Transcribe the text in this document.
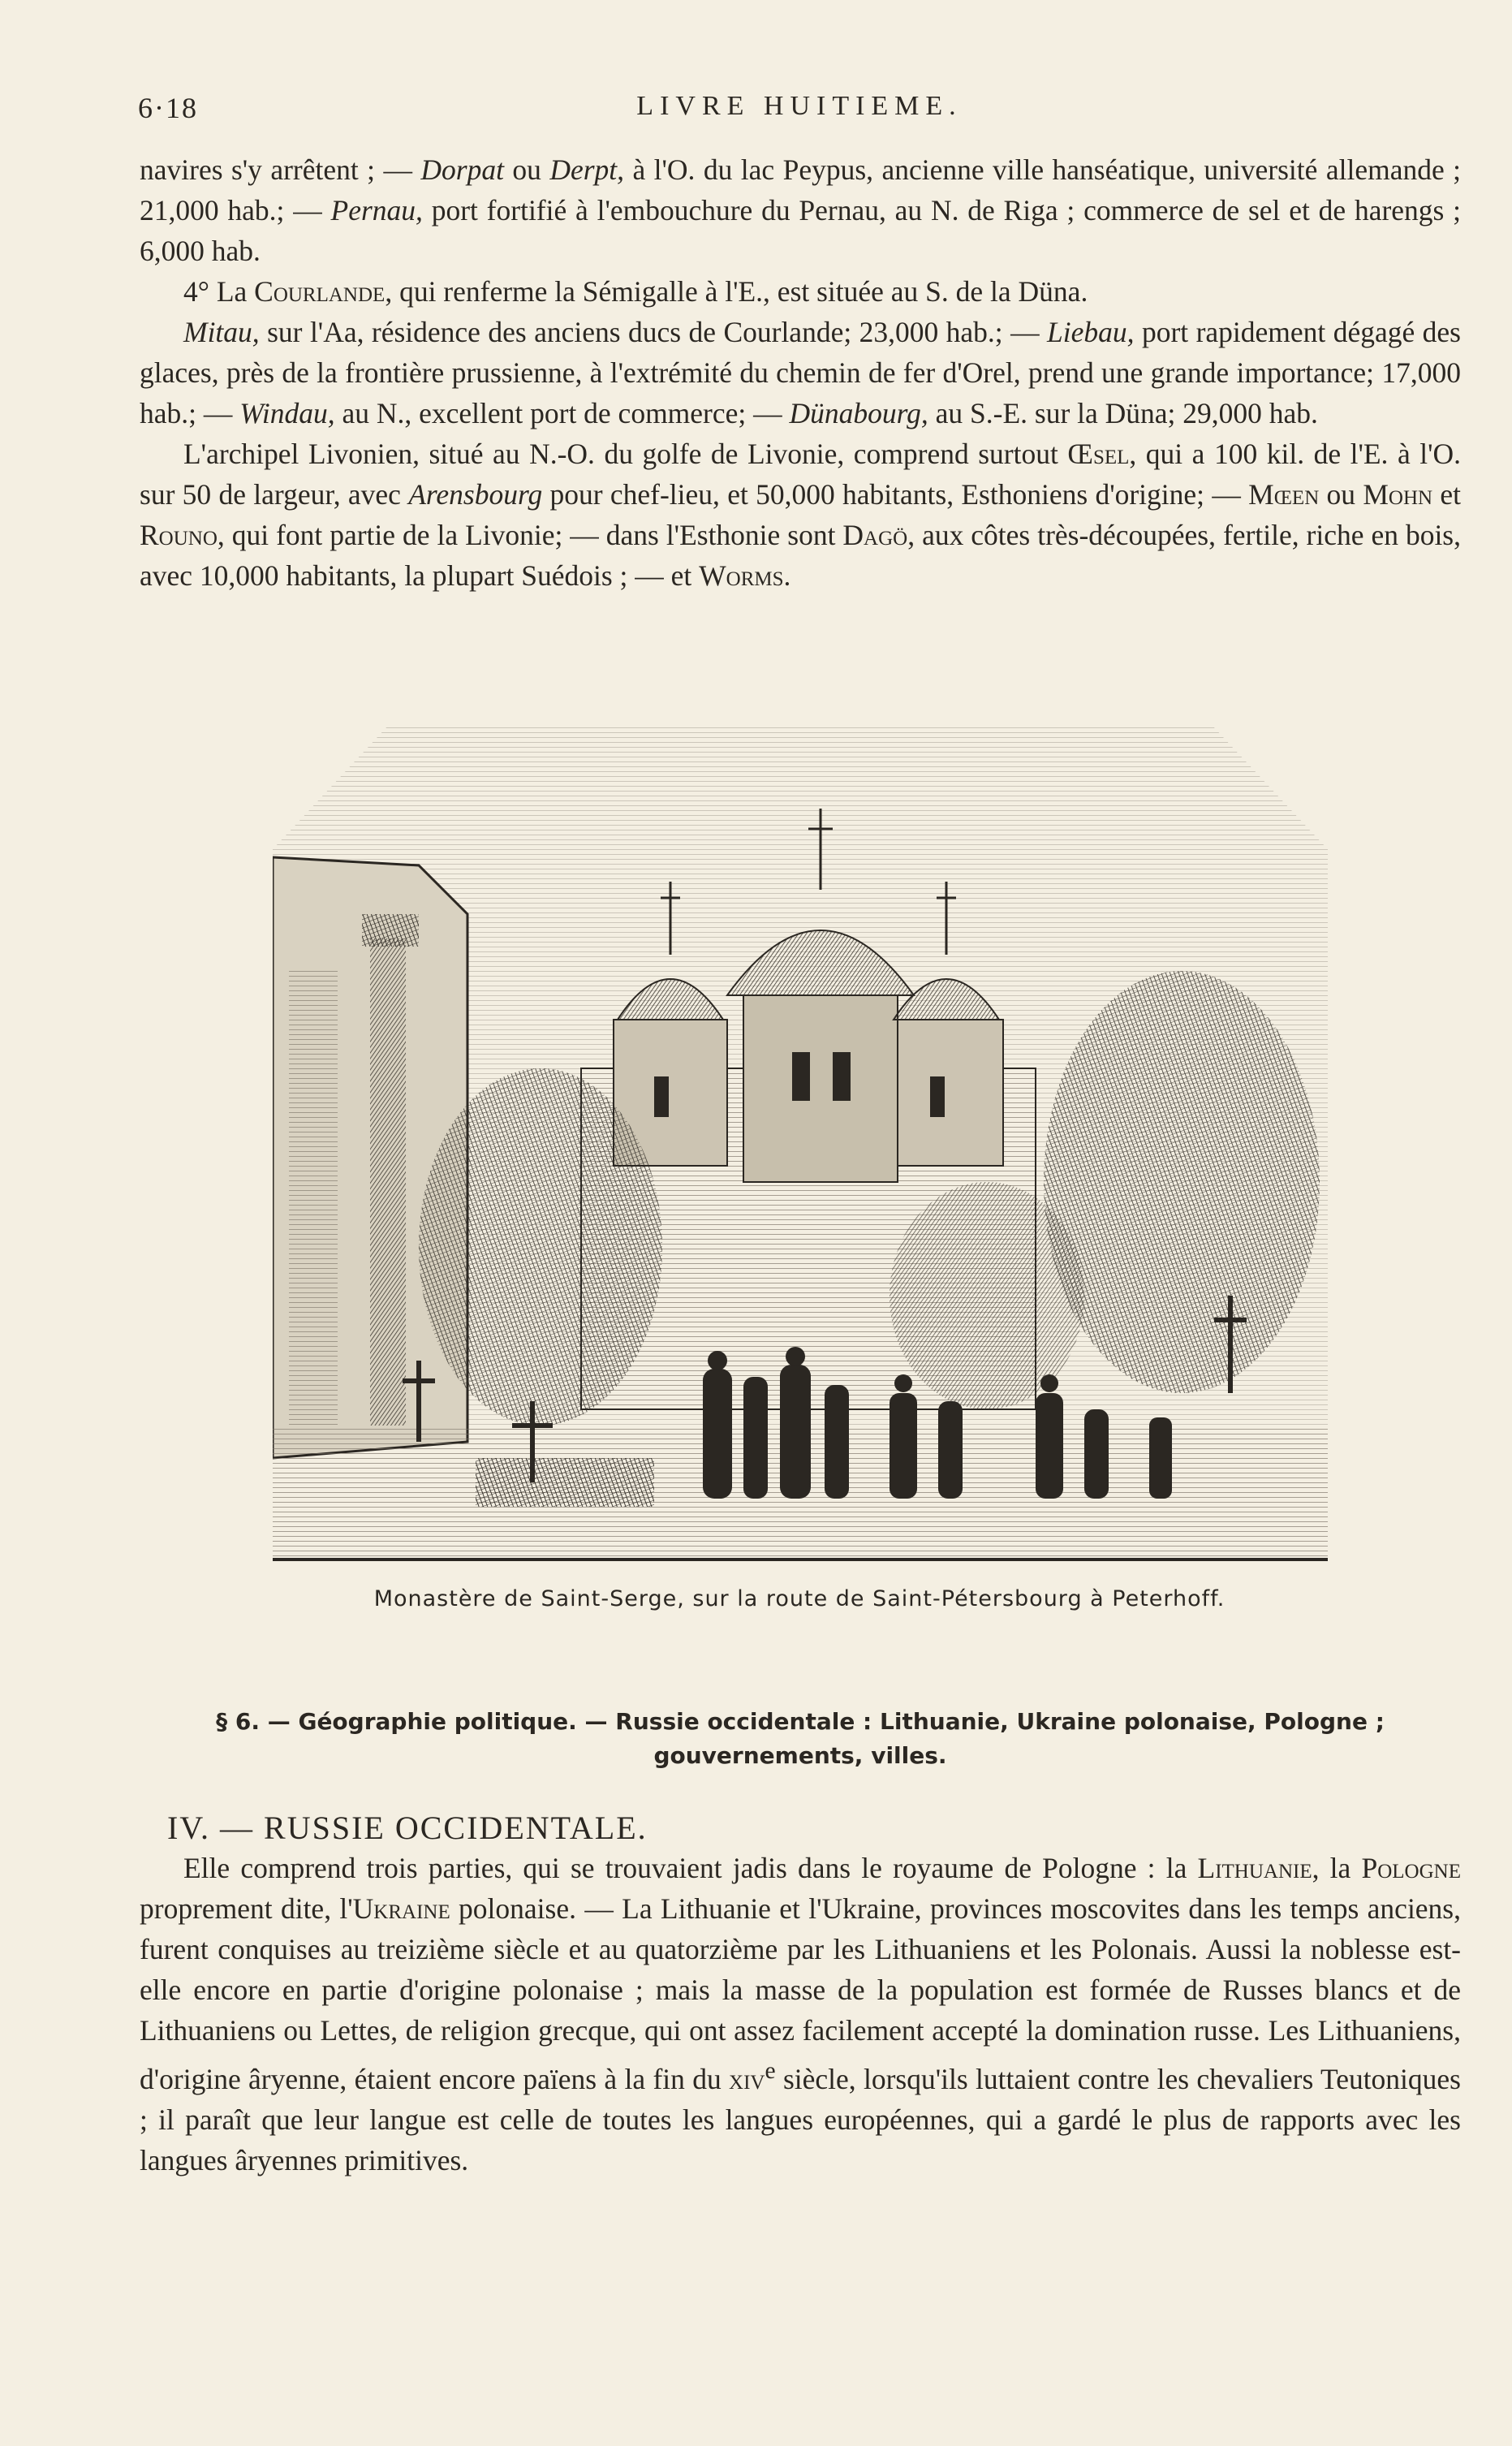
6·18	LIVRE HUITIEME.

navires s'y arrêtent ; — Dorpat ou Derpt, à l'O. du lac Peypus, ancienne ville hanséatique, université allemande ; 21,000 hab.; — Pernau, port fortifié à l'embouchure du Pernau, au N. de Riga ; commerce de sel et de harengs ; 6,000 hab.

4° La Courlande, qui renferme la Sémigalle à l'E., est située au S. de la Düna.

Mitau, sur l'Aa, résidence des anciens ducs de Courlande; 23,000 hab.; — Liebau, port rapidement dégagé des glaces, près de la frontière prussienne, à l'extrémité du chemin de fer d'Orel, prend une grande importance; 17,000 hab.; — Windau, au N., excellent port de commerce; — Dünabourg, au S.-E. sur la Düna; 29,000 hab.

L'archipel Livonien, situé au N.-O. du golfe de Livonie, comprend surtout Œsel, qui a 100 kil. de l'E. à l'O. sur 50 de largeur, avec Arensbourg pour chef-lieu, et 50,000 habitants, Esthoniens d'origine; — Mœen ou Mohn et Rouno, qui font partie de la Livonie; — dans l'Esthonie sont Dagö, aux côtes très-découpées, fertile, riche en bois, avec 10,000 habitants, la plupart Suédois ; — et Worms.

Monastère de Saint-Serge, sur la route de Saint-Pétersbourg à Peterhoff.
§ 6. — Géographie politique. — Russie occidentale : Lithuanie, Ukraine polonaise, Pologne ;
gouvernements, villes.
IV. — RUSSIE OCCIDENTALE.

Elle comprend trois parties, qui se trouvaient jadis dans le royaume de Pologne : la Lithuanie, la Pologne proprement dite, l'Ukraine polonaise. — La Lithuanie et l'Ukraine, provinces moscovites dans les temps anciens, furent conquises au treizième siècle et au quatorzième par les Lithuaniens et les Polonais. Aussi la noblesse est-elle encore en partie d'origine polonaise ; mais la masse de la population est formée de Russes blancs et de Lithuaniens ou Lettes, de religion grecque, qui ont assez facilement accepté la domination russe. Les Lithuaniens, d'origine âryenne, étaient encore païens à la fin du xiv$^e$ siècle, lorsqu'ils luttaient contre les chevaliers Teutoniques ; il paraît que leur langue est celle de toutes les langues européennes, qui a gardé le plus de rapports avec les langues âryennes primitives.
